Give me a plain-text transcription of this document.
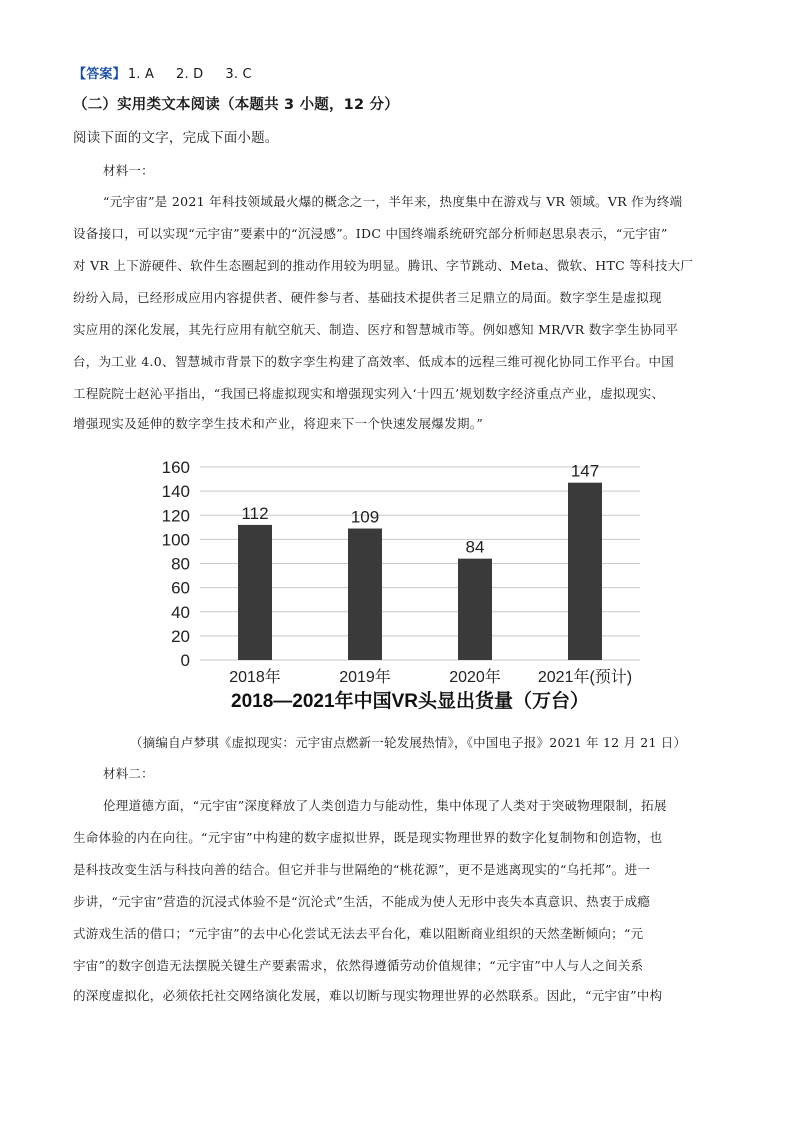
【答案】 1. A 2. D 3. C
（二）实用类文本阅读（本题共 3 小题，12 分）
阅读下面的文字，完成下面小题。
材料一：
“元宇宙”是 2021 年科技领域最火爆的概念之一，半年来，热度集中在游戏与 VR 领域。VR 作为终端
设备接口，可以实现“元宇宙”要素中的“沉浸感”。IDC 中国终端系统研究部分析师赵思泉表示，“元宇宙”
对 VR 上下游硬件、软件生态圈起到的推动作用较为明显。腾讯、字节跳动、Meta、微软、HTC 等科技大厂
纷纷入局，已经形成应用内容提供者、硬件参与者、基础技术提供者三足鼎立的局面。数字孪生是虚拟现
实应用的深化发展，其先行应用有航空航天、制造、医疗和智慧城市等。例如感知 MR/VR 数字孪生协同平
台，为工业 4.0、智慧城市背景下的数字孪生构建了高效率、低成本的远程三维可视化协同工作平台。中国
工程院院士赵沁平指出，“我国已将虚拟现实和增强现实列入‘十四五’规划数字经济重点产业，虚拟现实、
增强现实及延伸的数字孪生技术和产业，将迎来下一个快速发展爆发期。”
0
20
40
60
80
100
120
140
160
112
2018年
109
2019年
84
2020年
147
2021年(预计)
2018—2021年中国VR头显出货量（万台）
（摘编自卢梦琪《虚拟现实：元宇宙点燃新一轮发展热情》，《中国电子报》2021 年 12 月 21 日）
材料二：
伦理道德方面，“元宇宙”深度释放了人类创造力与能动性，集中体现了人类对于突破物理限制，拓展
生命体验的内在向往。“元宇宙”中构建的数字虚拟世界，既是现实物理世界的数字化复制物和创造物，也
是科技改变生活与科技向善的结合。但它并非与世隔绝的“桃花源”，更不是逃离现实的“乌托邦”。进一
步讲，“元宇宙”营造的沉浸式体验不是“沉沦式”生活，不能成为使人无形中丧失本真意识、热衷于成瘾
式游戏生活的借口；“元宇宙”的去中心化尝试无法去平台化，难以阻断商业组织的天然垄断倾向；“元
宇宙”的数字创造无法摆脱关键生产要素需求，依然得遵循劳动价值规律；“元宇宙”中人与人之间关系
的深度虚拟化，必须依托社交网络演化发展，难以切断与现实物理世界的必然联系。因此，“元宇宙”中构
